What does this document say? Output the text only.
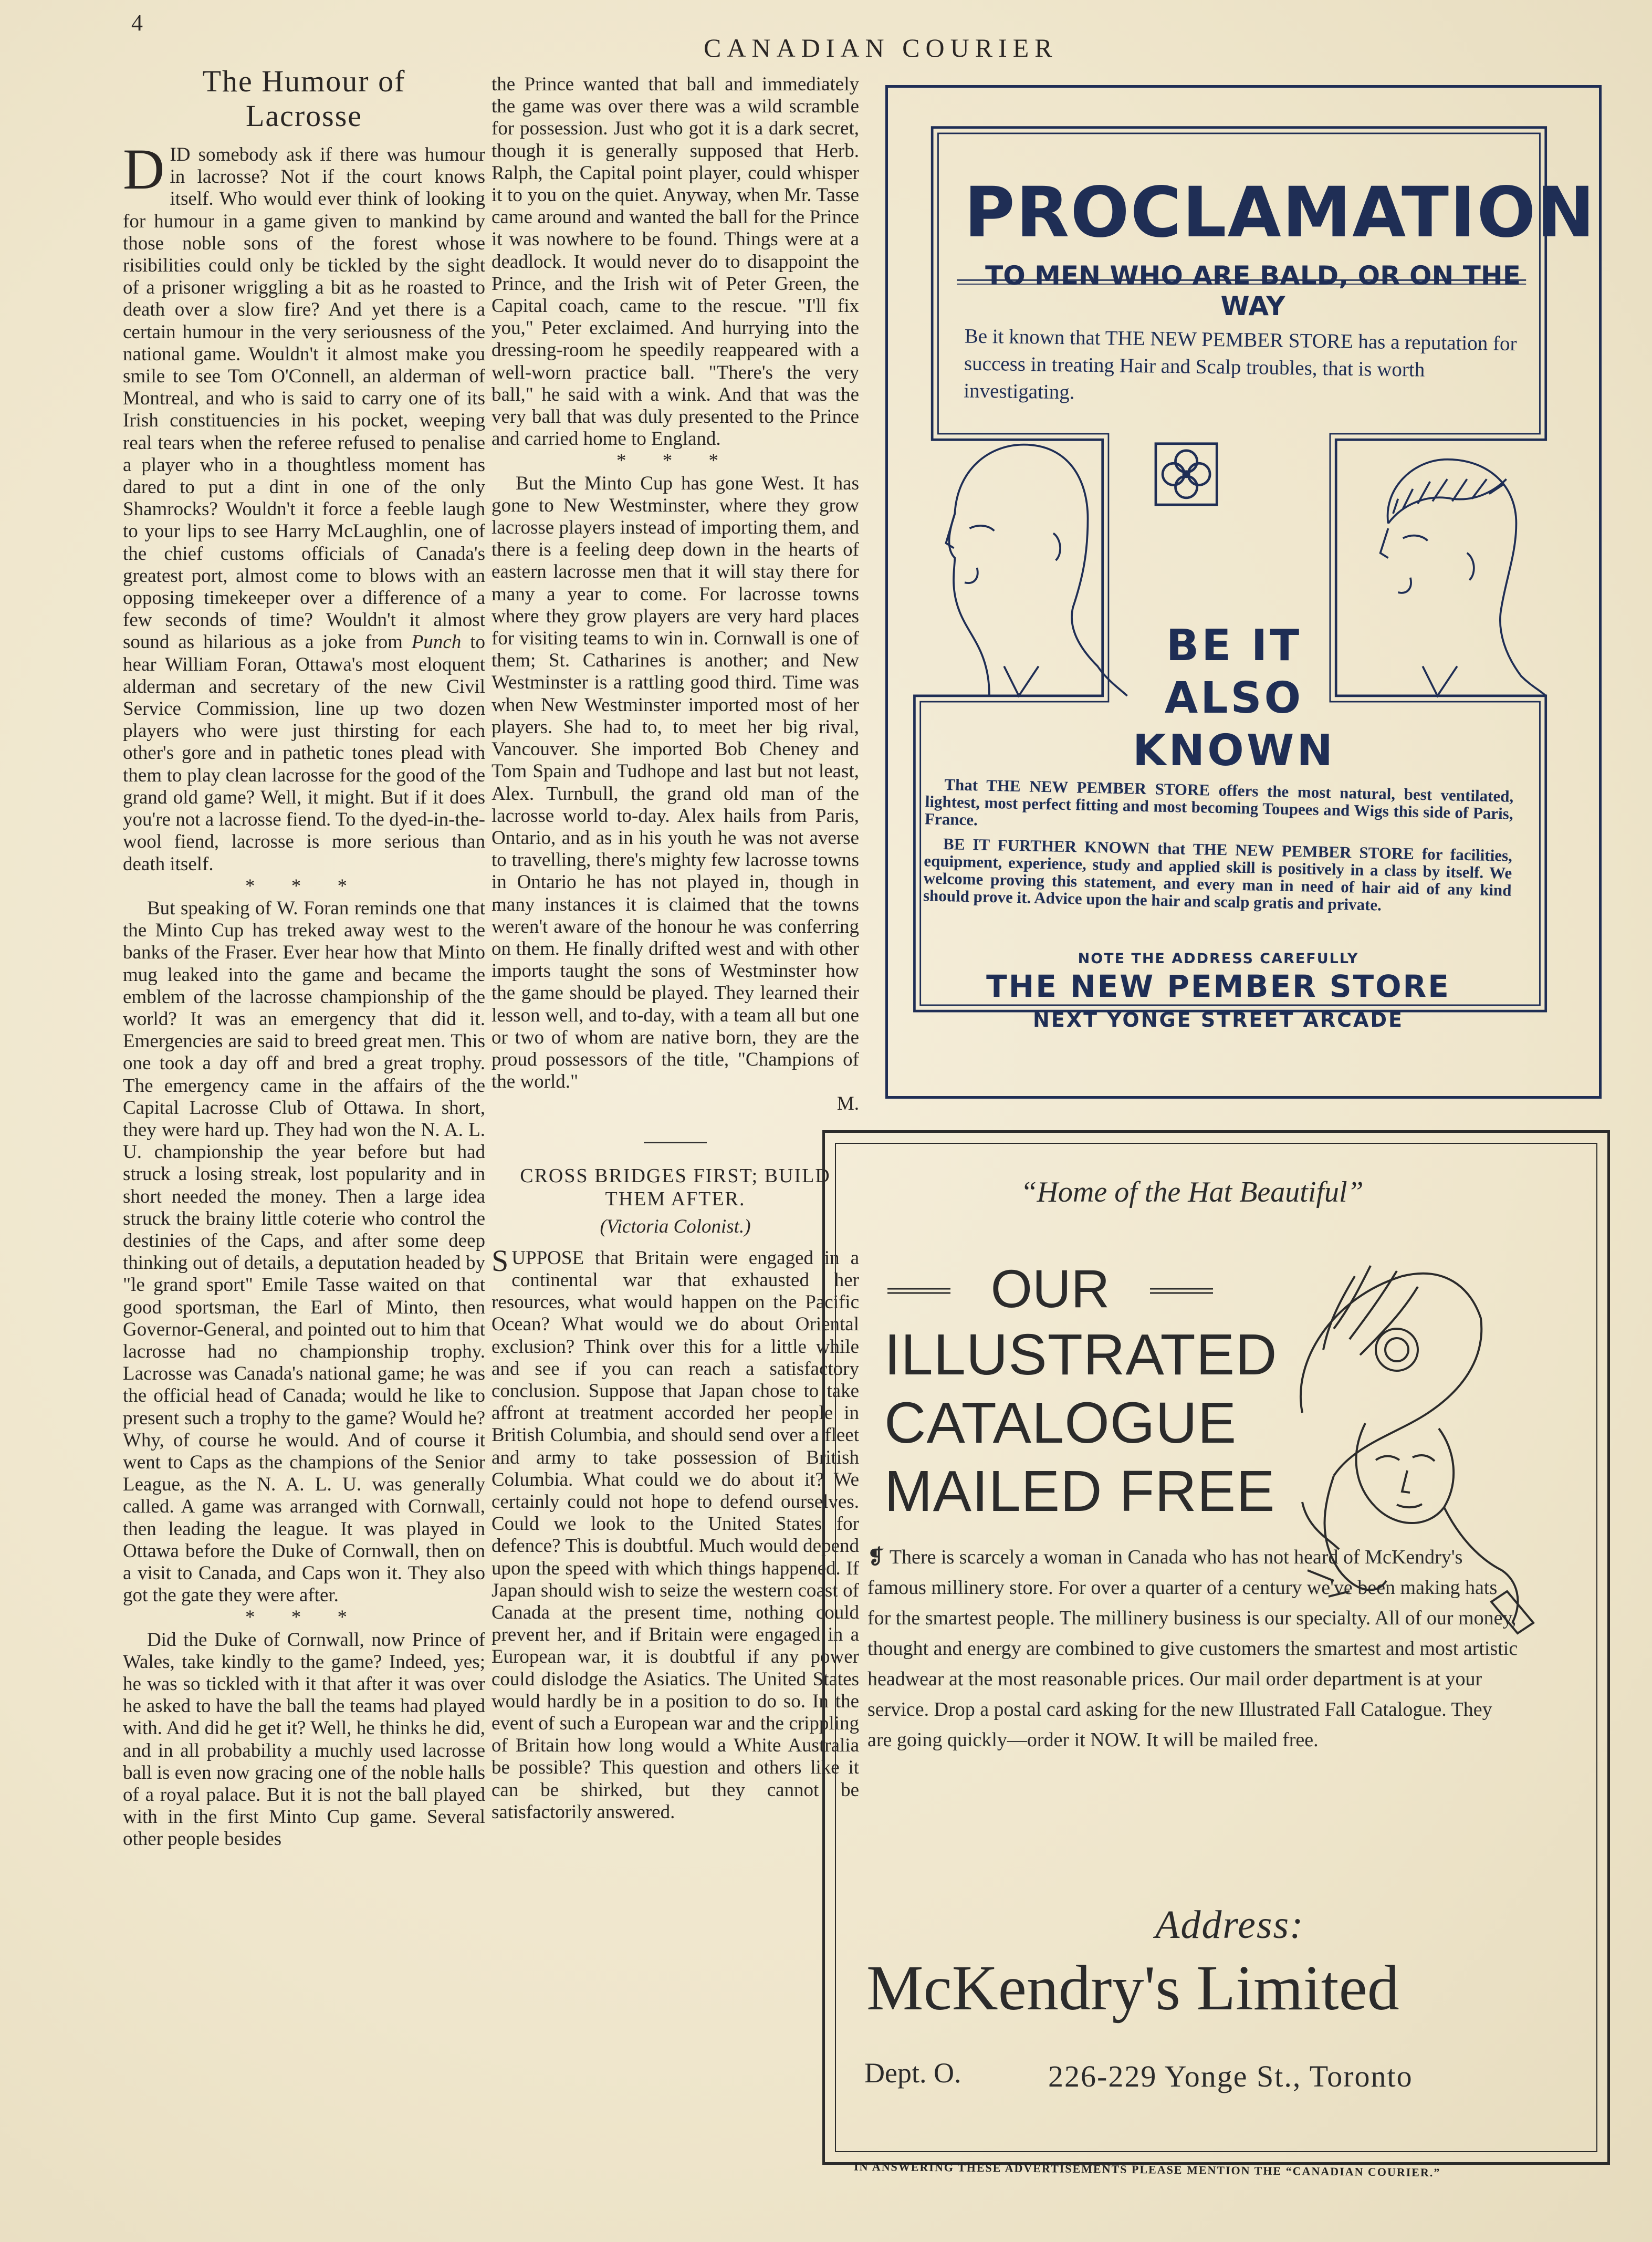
4
CANADIAN COURIER
The Humour of
Lacrosse

DID somebody ask if there was humour in lacrosse? Not if the court knows itself. Who would ever think of looking for humour in a game given to mankind by those noble sons of the forest whose risibilities could only be tickled by the sight of a prisoner wriggling a bit as he roasted to death over a slow fire? And yet there is a certain humour in the very seriousness of the national game. Wouldn't it almost make you smile to see Tom O'Connell, an alderman of Montreal, and who is said to carry one of its Irish constituencies in his pocket, weeping real tears when the referee refused to penalise a player who in a thoughtless moment has dared to put a dint in one of the only Shamrocks? Wouldn't it force a feeble laugh to your lips to see Harry McLaughlin, one of the chief customs officials of Canada's greatest port, almost come to blows with an opposing timekeeper over a difference of a few seconds of time? Wouldn't it almost sound as hilarious as a joke from Punch to hear William Foran, Ottawa's most eloquent alderman and secretary of the new Civil Service Commission, line up two dozen players who were just thirsting for each other's gore and in pathetic tones plead with them to play clean lacrosse for the good of the grand old game? Well, it might. But if it does you're not a lacrosse fiend. To the dyed-in-the-wool fiend, lacrosse is more serious than death itself.

* * *

But speaking of W. Foran reminds one that the Minto Cup has treked away west to the banks of the Fraser. Ever hear how that Minto mug leaked into the game and became the emblem of the lacrosse championship of the world? It was an emergency that did it. Emergencies are said to breed great men. This one took a day off and bred a great trophy. The emergency came in the affairs of the Capital Lacrosse Club of Ottawa. In short, they were hard up. They had won the N. A. L. U. championship the year before but had struck a losing streak, lost popularity and in short needed the money. Then a large idea struck the brainy little coterie who control the destinies of the Caps, and after some deep thinking out of details, a deputation headed by "le grand sport" Emile Tasse waited on that good sportsman, the Earl of Minto, then Governor-General, and pointed out to him that lacrosse had no championship trophy. Lacrosse was Canada's national game; he was the official head of Canada; would he like to present such a trophy to the game? Would he? Why, of course he would. And of course it went to Caps as the champions of the Senior League, as the N. A. L. U. was generally called. A game was arranged with Cornwall, then leading the league. It was played in Ottawa before the Duke of Cornwall, then on a visit to Canada, and Caps won it. They also got the gate they were after.

* * *

Did the Duke of Cornwall, now Prince of Wales, take kindly to the game? Indeed, yes; he was so tickled with it that after it was over he asked to have the ball the teams had played with. And did he get it? Well, he thinks he did, and in all probability a muchly used lacrosse ball is even now gracing one of the noble halls of a royal palace. But it is not the ball played with in the first Minto Cup game. Several other people besides

the Prince wanted that ball and immediately the game was over there was a wild scramble for possession. Just who got it is a dark secret, though it is generally supposed that Herb. Ralph, the Capital point player, could whisper it to you on the quiet. Anyway, when Mr. Tasse came around and wanted the ball for the Prince it was nowhere to be found. Things were at a deadlock. It would never do to disappoint the Prince, and the Irish wit of Peter Green, the Capital coach, came to the rescue. "I'll fix you," Peter exclaimed. And hurrying into the dressing-room he speedily reappeared with a well-worn practice ball. "There's the very ball," he said with a wink. And that was the very ball that was duly presented to the Prince and carried home to England.

* * *

But the Minto Cup has gone West. It has gone to New Westminster, where they grow lacrosse players instead of importing them, and there is a feeling deep down in the hearts of eastern lacrosse men that it will stay there for many a year to come. For lacrosse towns where they grow players are very hard places for visiting teams to win in. Cornwall is one of them; St. Catharines is another; and New Westminster is a rattling good third. Time was when New Westminster imported most of her players. She had to, to meet her big rival, Vancouver. She imported Bob Cheney and Tom Spain and Tudhope and last but not least, Alex. Turnbull, the grand old man of the lacrosse world to-day. Alex hails from Paris, Ontario, and as in his youth he was not averse to travelling, there's mighty few lacrosse towns in Ontario he has not played in, though in many instances it is claimed that the towns weren't aware of the honour he was conferring on them. He finally drifted west and with other imports taught the sons of Westminster how the game should be played. They learned their lesson well, and to-day, with a team all but one or two of whom are native born, they are the proud possessors of the title, "Champions of the world."

M.

CROSS BRIDGES FIRST; BUILD
THEM AFTER.
(Victoria Colonist.)

SUPPOSE that Britain were engaged in a continental war that exhausted her resources, what would happen on the Pacific Ocean? What would we do about Oriental exclusion? Think over this for a little while and see if you can reach a satisfactory conclusion. Suppose that Japan chose to take affront at treatment accorded her people in British Columbia, and should send over a fleet and army to take possession of British Columbia. What could we do about it? We certainly could not hope to defend ourselves. Could we look to the United States for defence? This is doubtful. Much would depend upon the speed with which things happened. If Japan should wish to seize the western coast of Canada at the present time, nothing could prevent her, and if Britain were engaged in a European war, it is doubtful if any power could dislodge the Asiatics. The United States would hardly be in a position to do so. In the event of such a European war and the crippling of Britain how long would a White Australia be possible? This question and others like it can be shirked, but they cannot be satisfactorily answered.

PROCLAMATION
TO MEN WHO ARE BALD, OR ON THE WAY
Be it known that THE NEW PEMBER STORE has a reputation for success in treating Hair and Scalp troubles, that is worth investigating.
BE IT ALSO
KNOWN

That THE NEW PEMBER STORE offers the most natural, best ventilated, lightest, most perfect fitting and most becoming Toupees and Wigs this side of Paris, France.

BE IT FURTHER KNOWN that THE NEW PEMBER STORE for facilities, equipment, experience, study and applied skill is positively in a class by itself. We welcome proving this statement, and every man in need of hair aid of any kind should prove it. Advice upon the hair and scalp gratis and private.

NOTE THE ADDRESS CAREFULLY
THE NEW PEMBER STORE
NEXT YONGE STREET ARCADE
“Home of the Hat Beautiful”
OUR
ILLUSTRATED
CATALOGUE
MAILED FREE
❡ There is scarcely a woman in Canada who has not heard of McKendry's famous millinery store. For over a quarter of a century we've been making hats for the smartest people. The millinery business is our specialty. All of our money, thought and energy are combined to give customers the smartest and most artistic headwear at the most reasonable prices. Our mail order department is at your service. Drop a postal card asking for the new Illustrated Fall Catalogue. They are going quickly—order it NOW. It will be mailed free.
Address:
McKendry's Limited
Dept. O.	226-229 Yonge St., Toronto
IN ANSWERING THESE ADVERTISEMENTS PLEASE MENTION THE “CANADIAN COURIER.”
